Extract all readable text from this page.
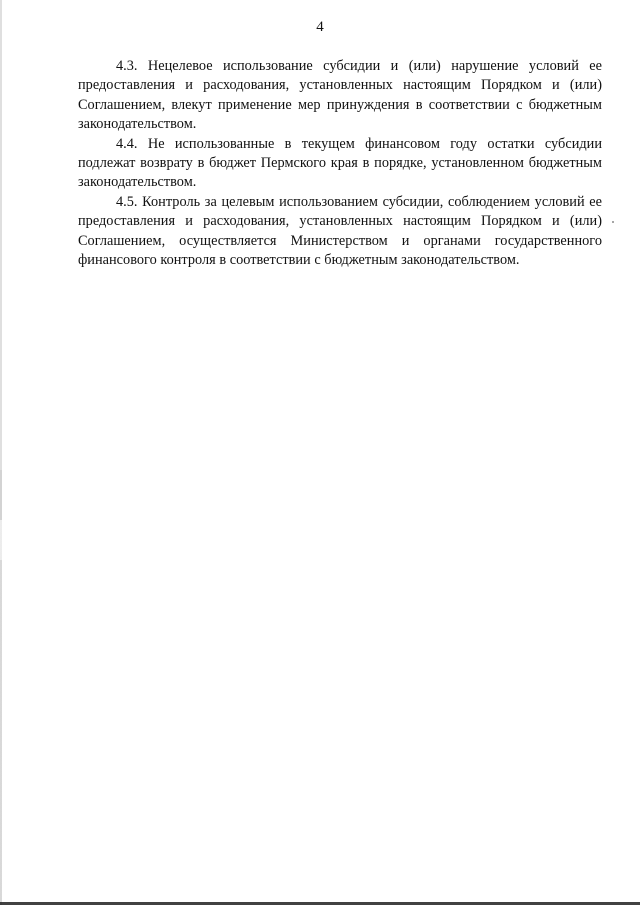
4

4.3. Нецелевое использование субсидии и (или) нарушение условий ее предоставления и расходования, установленных настоящим Порядком и (или) Соглашением, влекут применение мер принуждения в соответствии с бюджетным законодательством.

4.4. Не использованные в текущем финансовом году остатки субсидии подлежат возврату в бюджет Пермского края в порядке, установленном бюджетным законодательством.

4.5. Контроль за целевым использованием субсидии, соблюдением условий ее предоставления и расходования, установленных настоящим Порядком и (или) Соглашением, осуществляется Министерством и органами государственного финансового контроля в соответствии с бюджетным законодательством.
